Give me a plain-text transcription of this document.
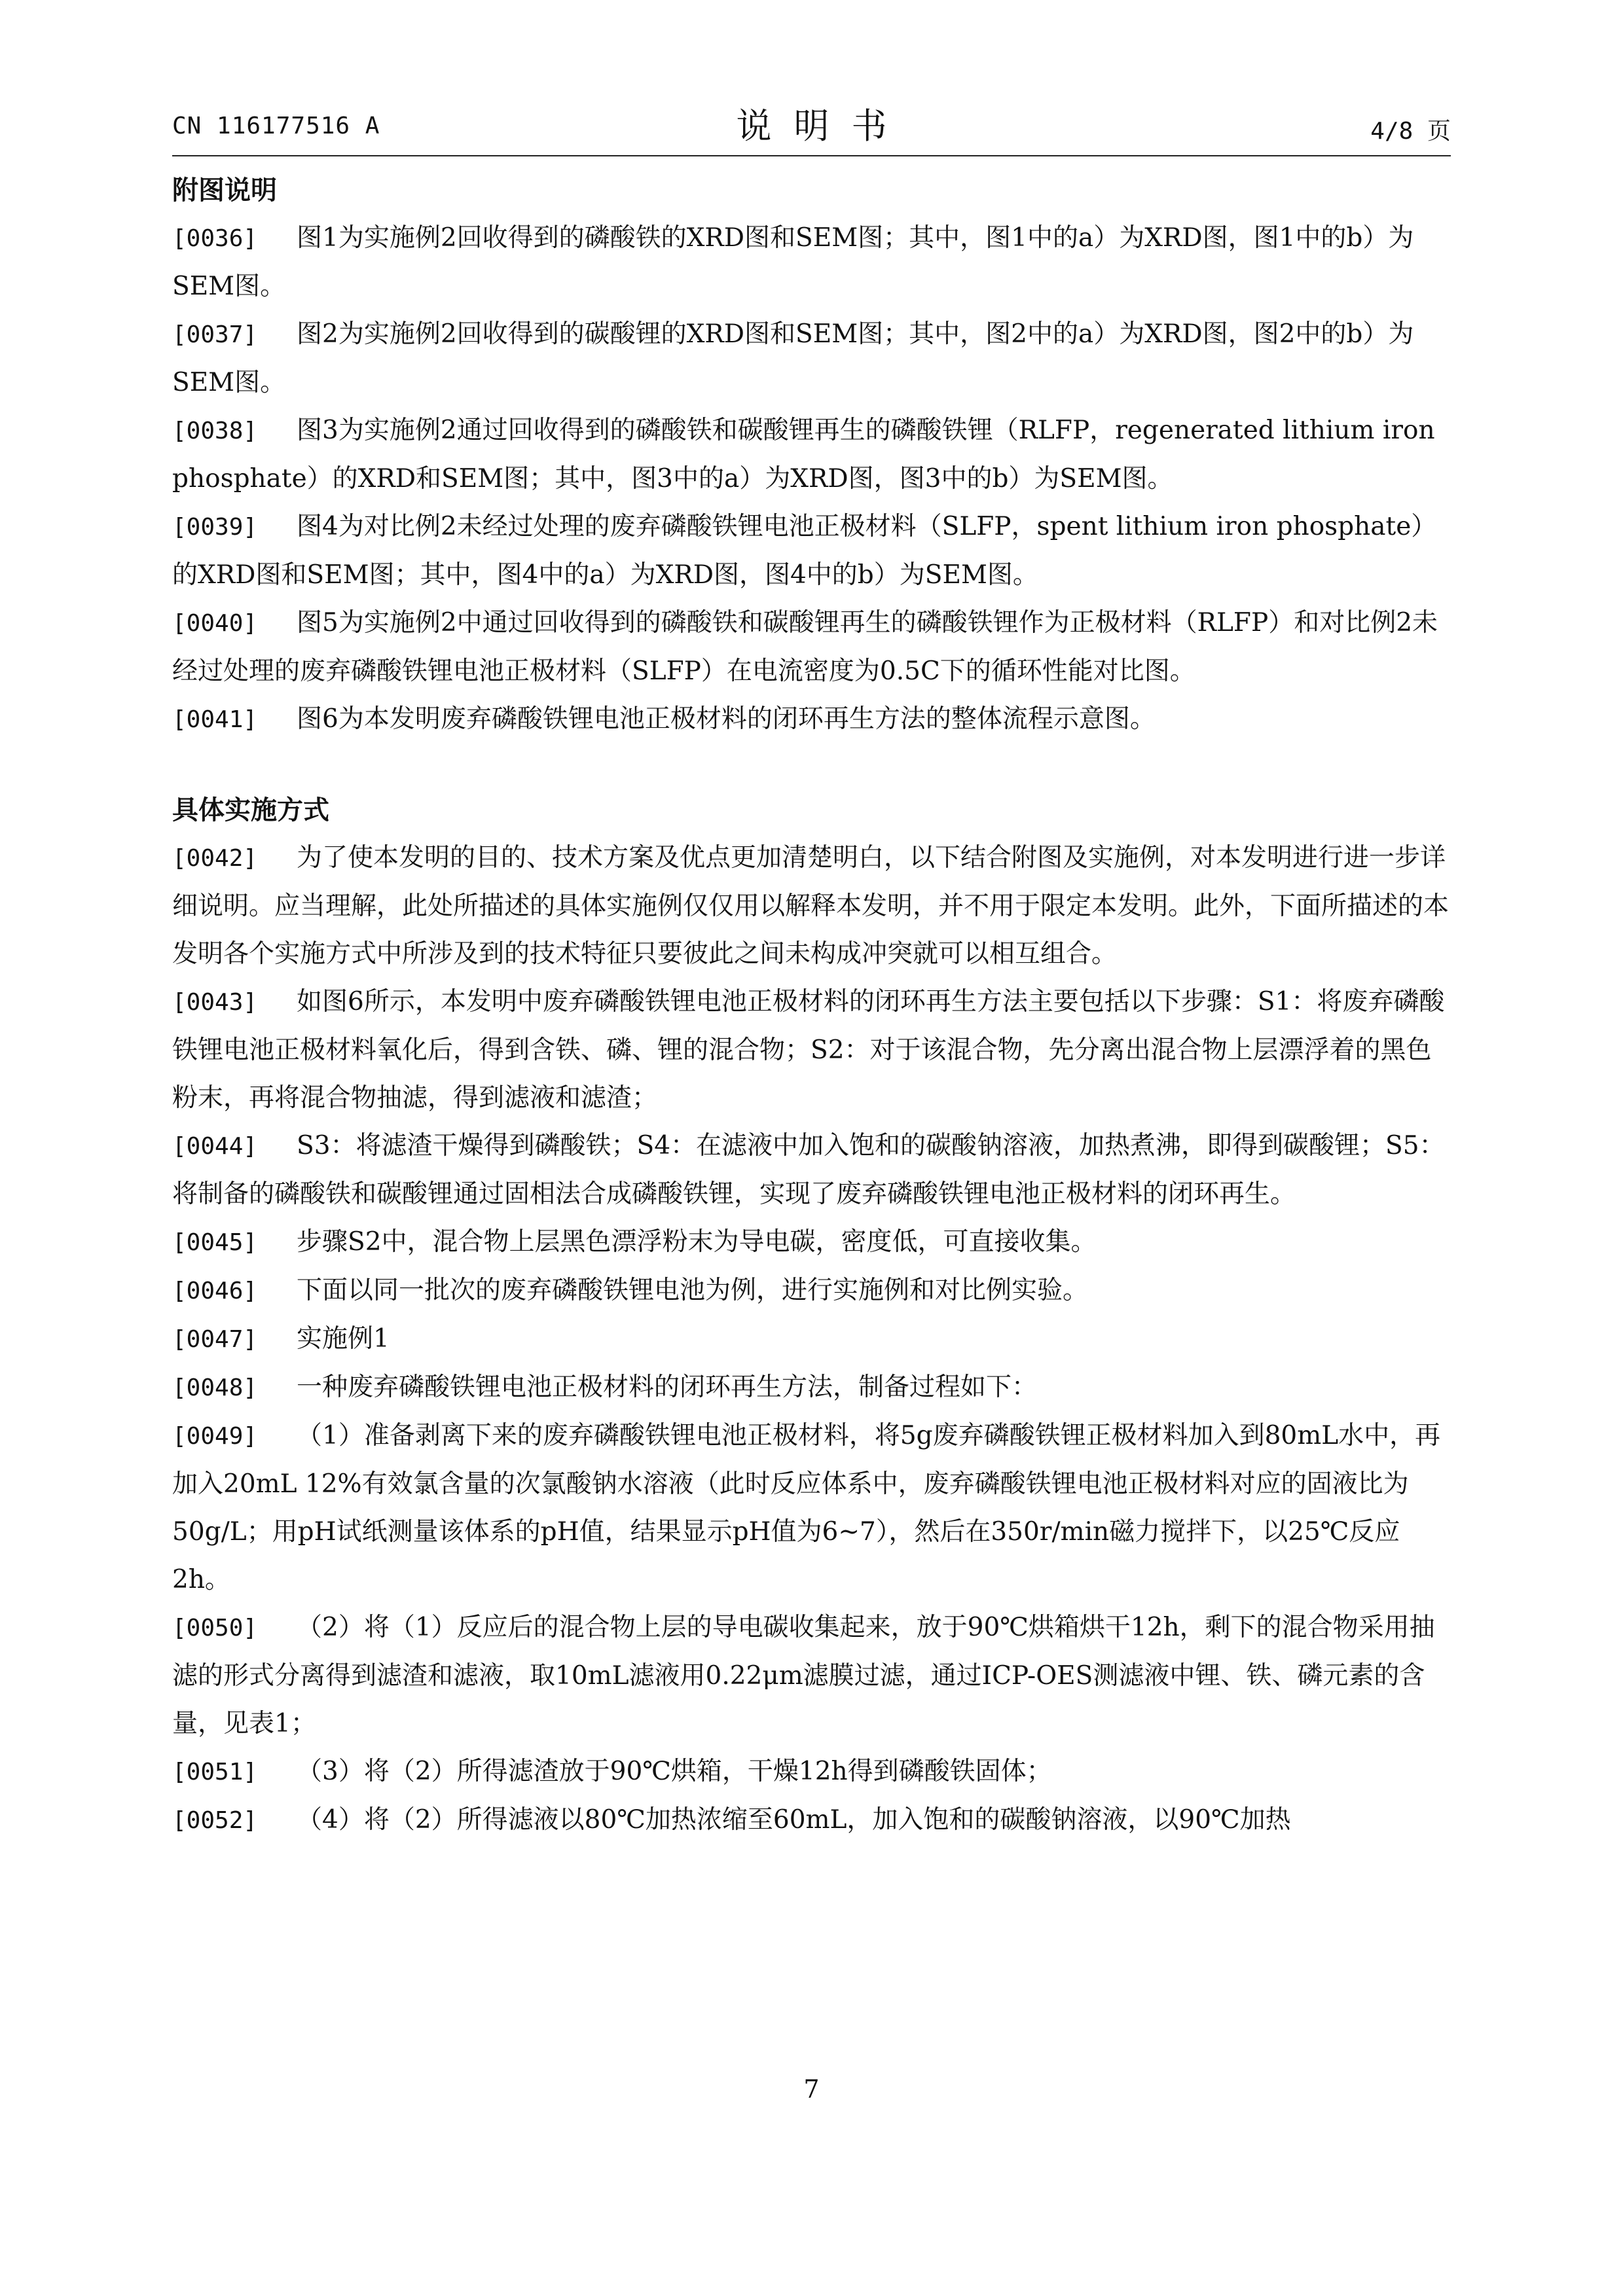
CN 116177516 A	说明书	4/8 页
附图说明
[0036] 图1为实施例2回收得到的磷酸铁的XRD图和SEM图；其中，图1中的a）为XRD图，图1中的b）为SEM图。
[0037] 图2为实施例2回收得到的碳酸锂的XRD图和SEM图；其中，图2中的a）为XRD图，图2中的b）为SEM图。
[0038] 图3为实施例2通过回收得到的磷酸铁和碳酸锂再生的磷酸铁锂（RLFP，regenerated lithium iron phosphate）的XRD和SEM图；其中，图3中的a）为XRD图，图3中的b）为SEM图。
[0039] 图4为对比例2未经过处理的废弃磷酸铁锂电池正极材料（SLFP，spent lithium iron phosphate）的XRD图和SEM图；其中，图4中的a）为XRD图，图4中的b）为SEM图。
[0040] 图5为实施例2中通过回收得到的磷酸铁和碳酸锂再生的磷酸铁锂作为正极材料（RLFP）和对比例2未经过处理的废弃磷酸铁锂电池正极材料（SLFP）在电流密度为0.5C下的循环性能对比图。
[0041] 图6为本发明废弃磷酸铁锂电池正极材料的闭环再生方法的整体流程示意图。
具体实施方式
[0042] 为了使本发明的目的、技术方案及优点更加清楚明白，以下结合附图及实施例，对本发明进行进一步详细说明。应当理解，此处所描述的具体实施例仅仅用以解释本发明，并不用于限定本发明。此外，下面所描述的本发明各个实施方式中所涉及到的技术特征只要彼此之间未构成冲突就可以相互组合。
[0043] 如图6所示，本发明中废弃磷酸铁锂电池正极材料的闭环再生方法主要包括以下步骤：S1：将废弃磷酸铁锂电池正极材料氧化后，得到含铁、磷、锂的混合物；S2：对于该混合物，先分离出混合物上层漂浮着的黑色粉末，再将混合物抽滤，得到滤液和滤渣；
[0044] S3：将滤渣干燥得到磷酸铁；S4：在滤液中加入饱和的碳酸钠溶液，加热煮沸，即得到碳酸锂；S5：将制备的磷酸铁和碳酸锂通过固相法合成磷酸铁锂，实现了废弃磷酸铁锂电池正极材料的闭环再生。
[0045] 步骤S2中，混合物上层黑色漂浮粉末为导电碳，密度低，可直接收集。
[0046] 下面以同一批次的废弃磷酸铁锂电池为例，进行实施例和对比例实验。
[0047] 实施例1
[0048] 一种废弃磷酸铁锂电池正极材料的闭环再生方法，制备过程如下：
[0049] （1）准备剥离下来的废弃磷酸铁锂电池正极材料，将5g废弃磷酸铁锂正极材料加入到80mL水中，再加入20mL 12%有效氯含量的次氯酸钠水溶液（此时反应体系中，废弃磷酸铁锂电池正极材料对应的固液比为50g/L；用pH试纸测量该体系的pH值，结果显示pH值为6~7），然后在350r/min磁力搅拌下，以25℃反应2h。
[0050] （2）将（1）反应后的混合物上层的导电碳收集起来，放于90℃烘箱烘干12h，剩下的混合物采用抽滤的形式分离得到滤渣和滤液，取10mL滤液用0.22μm滤膜过滤，通过ICP-OES测滤液中锂、铁、磷元素的含量，见表1；
[0051] （3）将（2）所得滤渣放于90℃烘箱，干燥12h得到磷酸铁固体；
[0052] （4）将（2）所得滤液以80℃加热浓缩至60mL，加入饱和的碳酸钠溶液，以90℃加热
7
